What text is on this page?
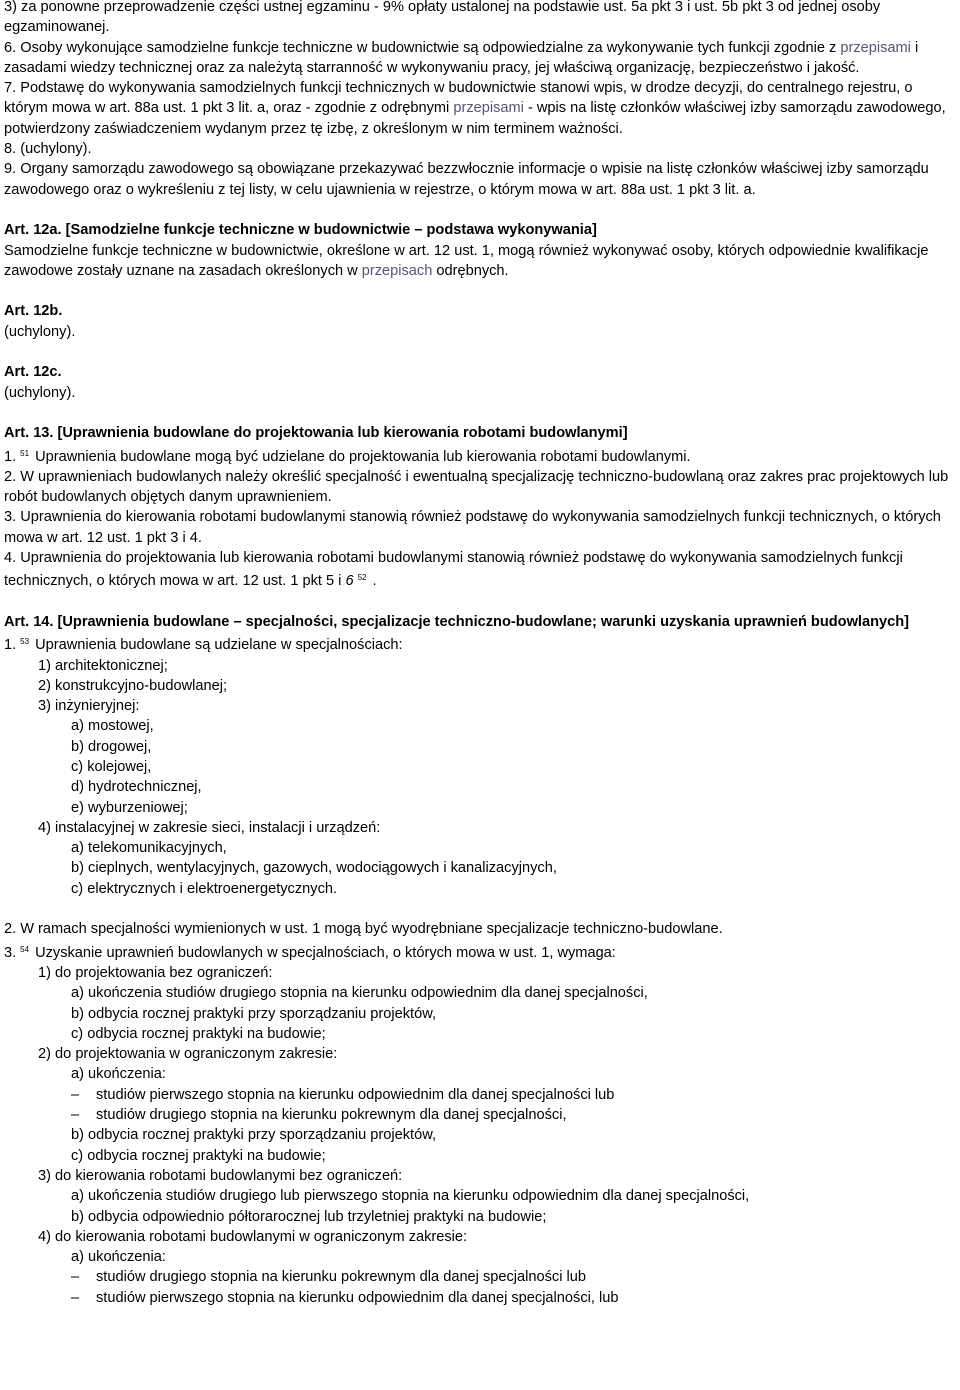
3) za ponowne przeprowadzenie części ustnej egzaminu - 9% opłaty ustalonej na podstawie ust. 5a pkt 3 i ust. 5b pkt 3 od jednej osoby egzaminowanej.

6. Osoby wykonujące samodzielne funkcje techniczne w budownictwie są odpowiedzialne za wykonywanie tych funkcji zgodnie z przepisami i zasadami wiedzy technicznej oraz za należytą starranność w wykonywaniu pracy, jej właściwą organizację, bezpieczeństwo i jakość.

7. Podstawę do wykonywania samodzielnych funkcji technicznych w budownictwie stanowi wpis, w drodze decyzji, do centralnego rejestru, o którym mowa w art. 88a ust. 1 pkt 3 lit. a, oraz - zgodnie z odrębnymi przepisami - wpis na listę członków właściwej izby samorządu zawodowego, potwierdzony zaświadczeniem wydanym przez tę izbę, z określonym w nim terminem ważności.

8. (uchylony).

9. Organy samorządu zawodowego są obowiązane przekazywać bezzwłocznie informacje o wpisie na listę członków właściwej izby samorządu zawodowego oraz o wykreśleniu z tej listy, w celu ujawnienia w rejestrze, o którym mowa w art. 88a ust. 1 pkt 3 lit. a.

Art. 12a. [Samodzielne funkcje techniczne w budownictwie – podstawa wykonywania]

Samodzielne funkcje techniczne w budownictwie, określone w art. 12 ust. 1, mogą również wykonywać osoby, których odpowiednie kwalifikacje zawodowe zostały uznane na zasadach określonych w przepisach odrębnych.

Art. 12b.

(uchylony).

Art. 12c.

(uchylony).

Art. 13. [Uprawnienia budowlane do projektowania lub kierowania robotami budowlanymi]

1. $^{51}$ Uprawnienia budowlane mogą być udzielane do projektowania lub kierowania robotami budowlanymi.

2. W uprawnieniach budowlanych należy określić specjalność i ewentualną specjalizację techniczno-budowlaną oraz zakres prac projektowych lub robót budowlanych objętych danym uprawnieniem.

3. Uprawnienia do kierowania robotami budowlanymi stanowią również podstawę do wykonywania samodzielnych funkcji technicznych, o których mowa w art. 12 ust. 1 pkt 3 i 4.

4. Uprawnienia do projektowania lub kierowania robotami budowlanymi stanowią również podstawę do wykonywania samodzielnych funkcji technicznych, o których mowa w art. 12 ust. 1 pkt 5 i 6 $^{52}$ .

Art. 14. [Uprawnienia budowlane – specjalności, specjalizacje techniczno-budowlane; warunki uzyskania uprawnień budowlanych]

1. $^{53}$ Uprawnienia budowlane są udzielane w specjalnościach:

1) architektonicznej;

2) konstrukcyjno-budowlanej;

3) inżynieryjnej:

a) mostowej,

b) drogowej,

c) kolejowej,

d) hydrotechnicznej,

e) wyburzeniowej;

4) instalacyjnej w zakresie sieci, instalacji i urządzeń:

a) telekomunikacyjnych,

b) cieplnych, wentylacyjnych, gazowych, wodociągowych i kanalizacyjnych,

c) elektrycznych i elektroenergetycznych.

2. W ramach specjalności wymienionych w ust. 1 mogą być wyodrębniane specjalizacje techniczno-budowlane.

3. $^{54}$ Uzyskanie uprawnień budowlanych w specjalnościach, o których mowa w ust. 1, wymaga:

1) do projektowania bez ograniczeń:

a) ukończenia studiów drugiego stopnia na kierunku odpowiednim dla danej specjalności,

b) odbycia rocznej praktyki przy sporządzaniu projektów,

c) odbycia rocznej praktyki na budowie;

2) do projektowania w ograniczonym zakresie:

a) ukończenia:

– studiów pierwszego stopnia na kierunku odpowiednim dla danej specjalności lub

– studiów drugiego stopnia na kierunku pokrewnym dla danej specjalności,

b) odbycia rocznej praktyki przy sporządzaniu projektów,

c) odbycia rocznej praktyki na budowie;

3) do kierowania robotami budowlanymi bez ograniczeń:

a) ukończenia studiów drugiego lub pierwszego stopnia na kierunku odpowiednim dla danej specjalności,

b) odbycia odpowiednio półtorarocznej lub trzyletniej praktyki na budowie;

4) do kierowania robotami budowlanymi w ograniczonym zakresie:

a) ukończenia:

– studiów drugiego stopnia na kierunku pokrewnym dla danej specjalności lub

– studiów pierwszego stopnia na kierunku odpowiednim dla danej specjalności, lub
